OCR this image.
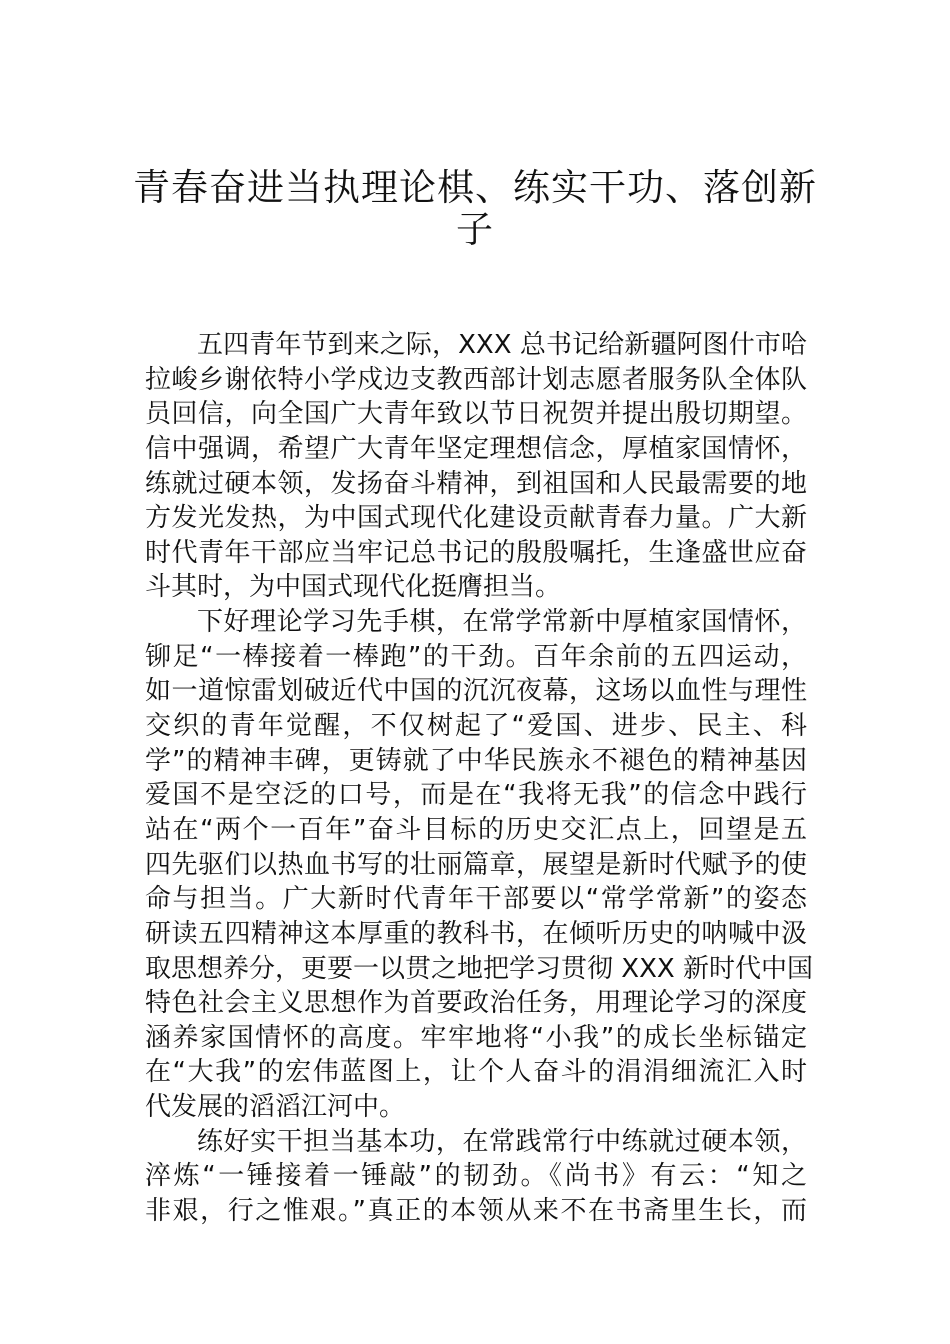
青春奋进当执理论棋、练实干功、落创新
子
五四青年节到来之际，XXX 总书记给新疆阿图什市哈
拉峻乡谢依特小学戍边支教西部计划志愿者服务队全体队
员回信，向全国广大青年致以节日祝贺并提出殷切期望。
信中强调，希望广大青年坚定理想信念，厚植家国情怀，
练就过硬本领，发扬奋斗精神，到祖国和人民最需要的地
方发光发热，为中国式现代化建设贡献青春力量。广大新
时代青年干部应当牢记总书记的殷殷嘱托，生逢盛世应奋
斗其时，为中国式现代化挺膺担当。
下好理论学习先手棋，在常学常新中厚植家国情怀，
铆足“一棒接着一棒跑”的干劲。百年余前的五四运动，
如一道惊雷划破近代中国的沉沉夜幕，这场以血性与理性
交织的青年觉醒，不仅树起了“爱国、进步、民主、科
学”的精神丰碑，更铸就了中华民族永不褪色的精神基因
爱国不是空泛的口号，而是在“我将无我”的信念中践行
站在“两个一百年”奋斗目标的历史交汇点上，回望是五
四先驱们以热血书写的壮丽篇章，展望是新时代赋予的使
命与担当。广大新时代青年干部要以“常学常新”的姿态
研读五四精神这本厚重的教科书，在倾听历史的呐喊中汲
取思想养分，更要一以贯之地把学习贯彻 XXX 新时代中国
特色社会主义思想作为首要政治任务，用理论学习的深度
涵养家国情怀的高度。牢牢地将“小我”的成长坐标锚定
在“大我”的宏伟蓝图上，让个人奋斗的涓涓细流汇入时
代发展的滔滔江河中。
练好实干担当基本功，在常践常行中练就过硬本领，
淬炼“一锤接着一锤敲”的韧劲。《尚书》有云：“知之
非艰，行之惟艰。”真正的本领从来不在书斋里生长，而
